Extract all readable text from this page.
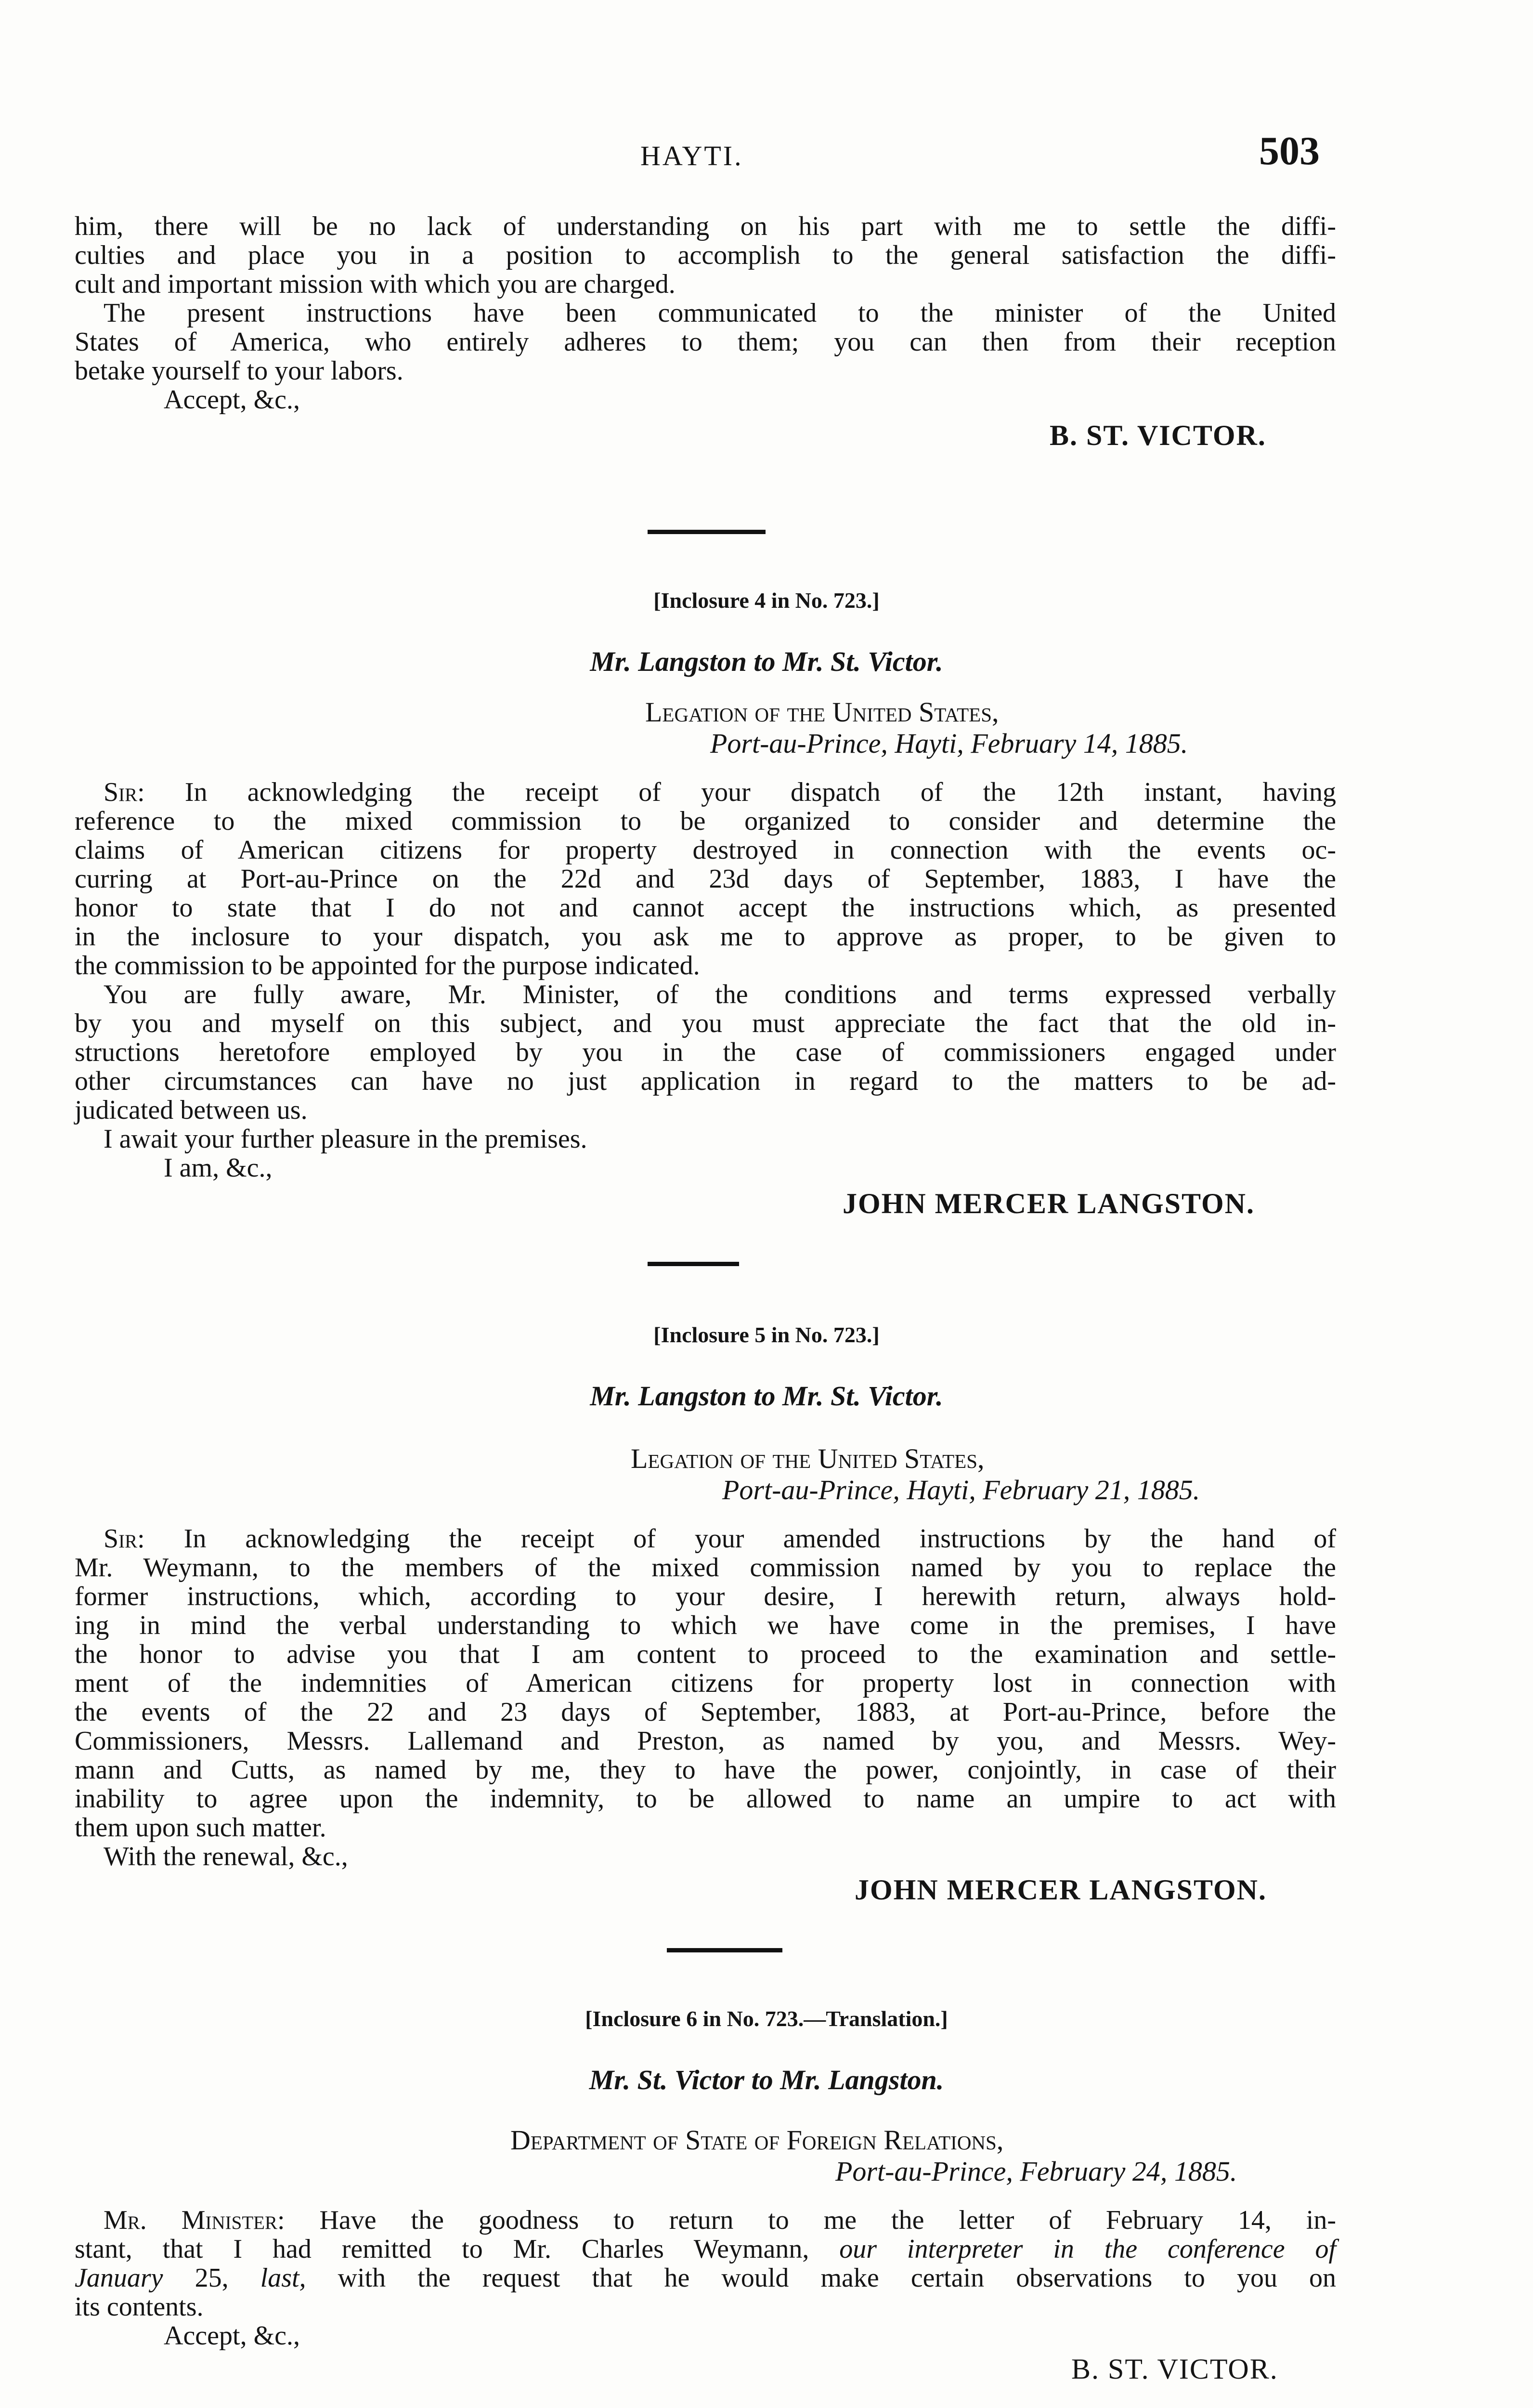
HAYTI.	503
him, there will be no lack of understanding on his part with me to settle the diffi-
culties and place you in a position to accomplish to the general satisfaction the diffi-
cult and important mission with which you are charged.
The present instructions have been communicated to the minister of the United
States of America, who entirely adheres to them; you can then from their reception
betake yourself to your labors.
Accept, &c.,
B. ST. VICTOR.
[Inclosure 4 in No. 723.]
Mr. Langston to Mr. St. Victor.
Legation of the United States,
Port-au-Prince, Hayti, February 14, 1885.
Sir: In acknowledging the receipt of your dispatch of the 12th instant, having
reference to the mixed commission to be organized to consider and determine the
claims of American citizens for property destroyed in connection with the events oc-
curring at Port-au-Prince on the 22d and 23d days of September, 1883, I have the
honor to state that I do not and cannot accept the instructions which, as presented
in the inclosure to your dispatch, you ask me to approve as proper, to be given to
the commission to be appointed for the purpose indicated.
You are fully aware, Mr. Minister, of the conditions and terms expressed verbally
by you and myself on this subject, and you must appreciate the fact that the old in-
structions heretofore employed by you in the case of commissioners engaged under
other circumstances can have no just application in regard to the matters to be ad-
judicated between us.
I await your further pleasure in the premises.
I am, &c.,
JOHN MERCER LANGSTON.
[Inclosure 5 in No. 723.]
Mr. Langston to Mr. St. Victor.
Legation of the United States,
Port-au-Prince, Hayti, February 21, 1885.
Sir: In acknowledging the receipt of your amended instructions by the hand of
Mr. Weymann, to the members of the mixed commission named by you to replace the
former instructions, which, according to your desire, I herewith return, always hold-
ing in mind the verbal understanding to which we have come in the premises, I have
the honor to advise you that I am content to proceed to the examination and settle-
ment of the indemnities of American citizens for property lost in connection with
the events of the 22 and 23 days of September, 1883, at Port-au-Prince, before the
Commissioners, Messrs. Lallemand and Preston, as named by you, and Messrs. Wey-
mann and Cutts, as named by me, they to have the power, conjointly, in case of their
inability to agree upon the indemnity, to be allowed to name an umpire to act with
them upon such matter.
With the renewal, &c.,
JOHN MERCER LANGSTON.
[Inclosure 6 in No. 723.—Translation.]
Mr. St. Victor to Mr. Langston.
Department of State of Foreign Relations,
Port-au-Prince, February 24, 1885.
Mr. Minister: Have the goodness to return to me the letter of February 14, in-
stant, that I had remitted to Mr. Charles Weymann, our interpreter in the conference of
January 25, last, with the request that he would make certain observations to you on
its contents.
Accept, &c.,
B. ST. VICTOR.
